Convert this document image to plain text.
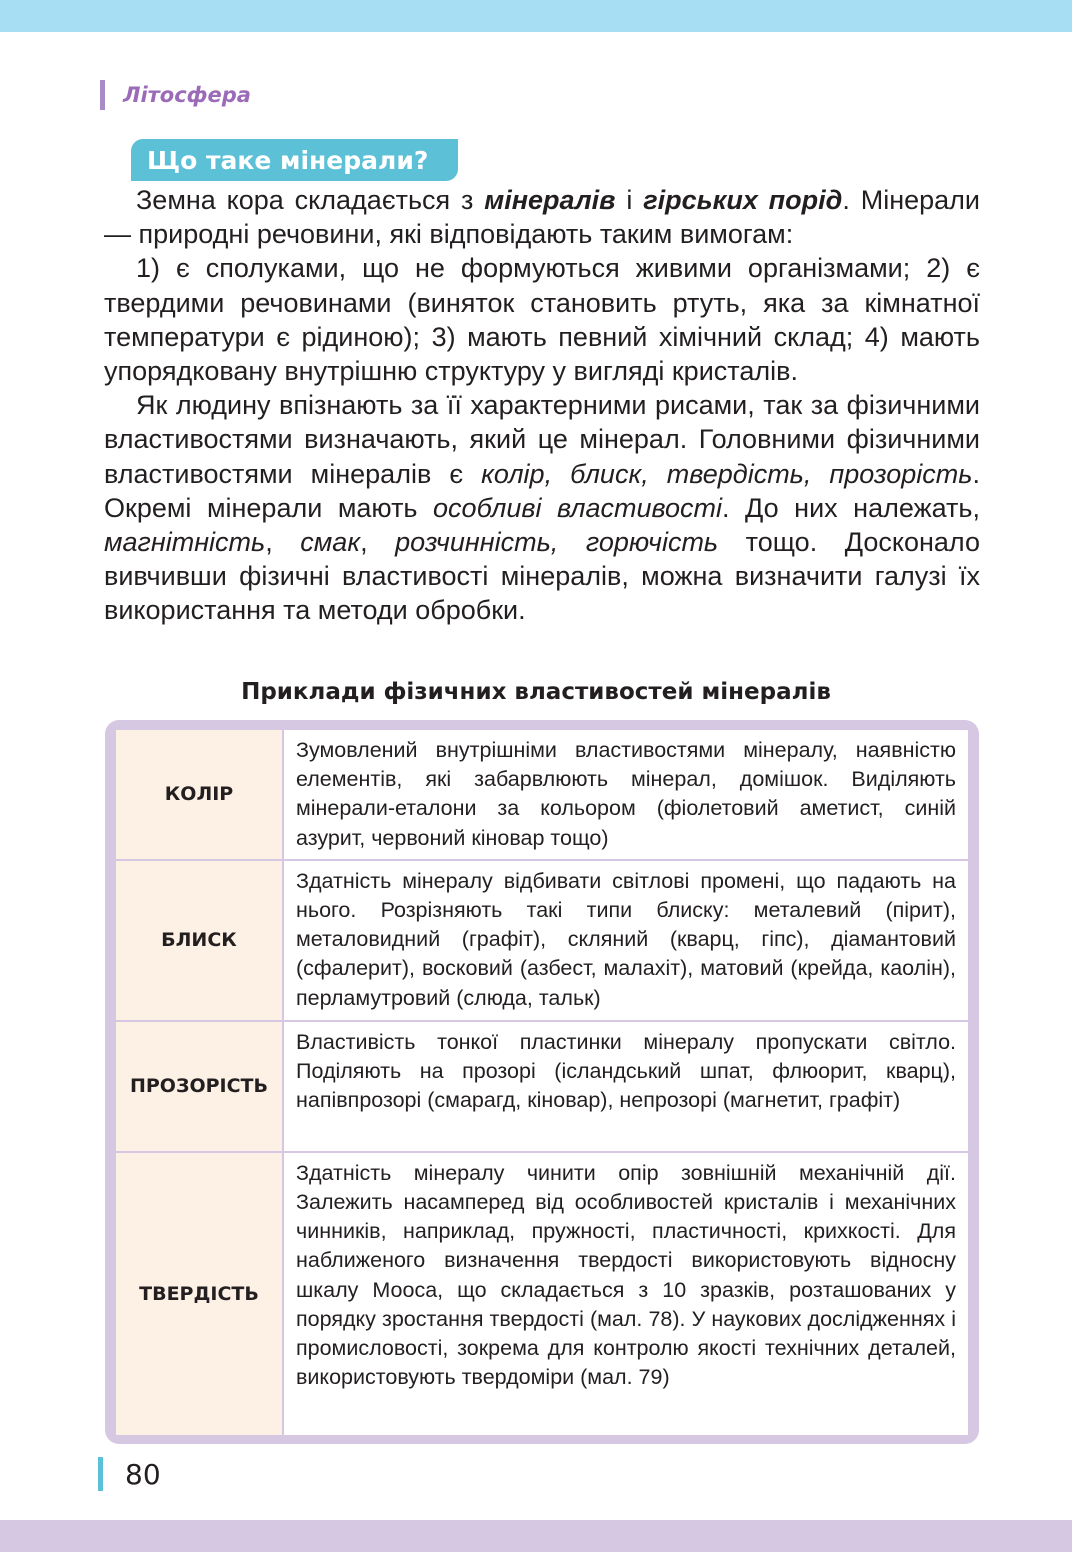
Літосфера
Що таке мінерали?

Земна кора складається з мінералів і гірських порід. Мінерали — природні речовини, які відповідають таким вимогам:

1) є сполуками, що не формуються живими організмами; 2) є твердими речовинами (виняток становить ртуть, яка за кімнатної температури є рідиною); 3) мають певний хімічний склад; 4) мають упорядковану внутрішню структуру у вигляді кристалів.

Як людину впізнають за її характерними рисами, так за фізичними властивостями визначають, який це мінерал. Головними фізичними властивостями мінералів є колір, блиск, твердість, прозорість. Окремі мінерали мають особливі властивості. До них належать, магнітність, смак, розчинність, горючість тощо. Досконало вивчивши фізичні властивості мінералів, можна визначити галузі їх використання та методи обробки.

Приклади фізичних властивостей мінералів
КОЛІР	Зумовлений внутрішніми властивостями мінералу, наявністю елементів, які забарвлюють мінерал, домішок. Виділяють мінерали-еталони за кольором (фіолетовий аметист, синій азурит, червоний кіновар тощо)
БЛИСК	Здатність мінералу відбивати світлові промені, що падають на нього. Розрізняють такі типи блиску: металевий (пірит), металовидний (графіт), скляний (кварц, гіпс), діамантовий (сфалерит), восковий (азбест, малахіт), матовий (крейда, каолін), перламутровий (слюда, тальк)
ПРОЗОРІСТЬ	Властивість тонкої пластинки мінералу пропускати світло. Поділяють на прозорі (ісландський шпат, флюорит, кварц), напівпрозорі (смарагд, кіновар), непрозорі (магнетит, графіт)
ТВЕРДІСТЬ	Здатність мінералу чинити опір зовнішній механічній дії. Залежить насамперед від особливостей кристалів і механічних чинників, наприклад, пружності, пластичності, крихкості. Для наближеного визначення твердості використовують відносну шкалу Мооса, що складається з 10 зразків, розташованих у порядку зростання твердості (мал. 78). У наукових дослідженнях і промисловості, зокрема для контролю якості технічних деталей, використовують твердоміри (мал. 79)
80
